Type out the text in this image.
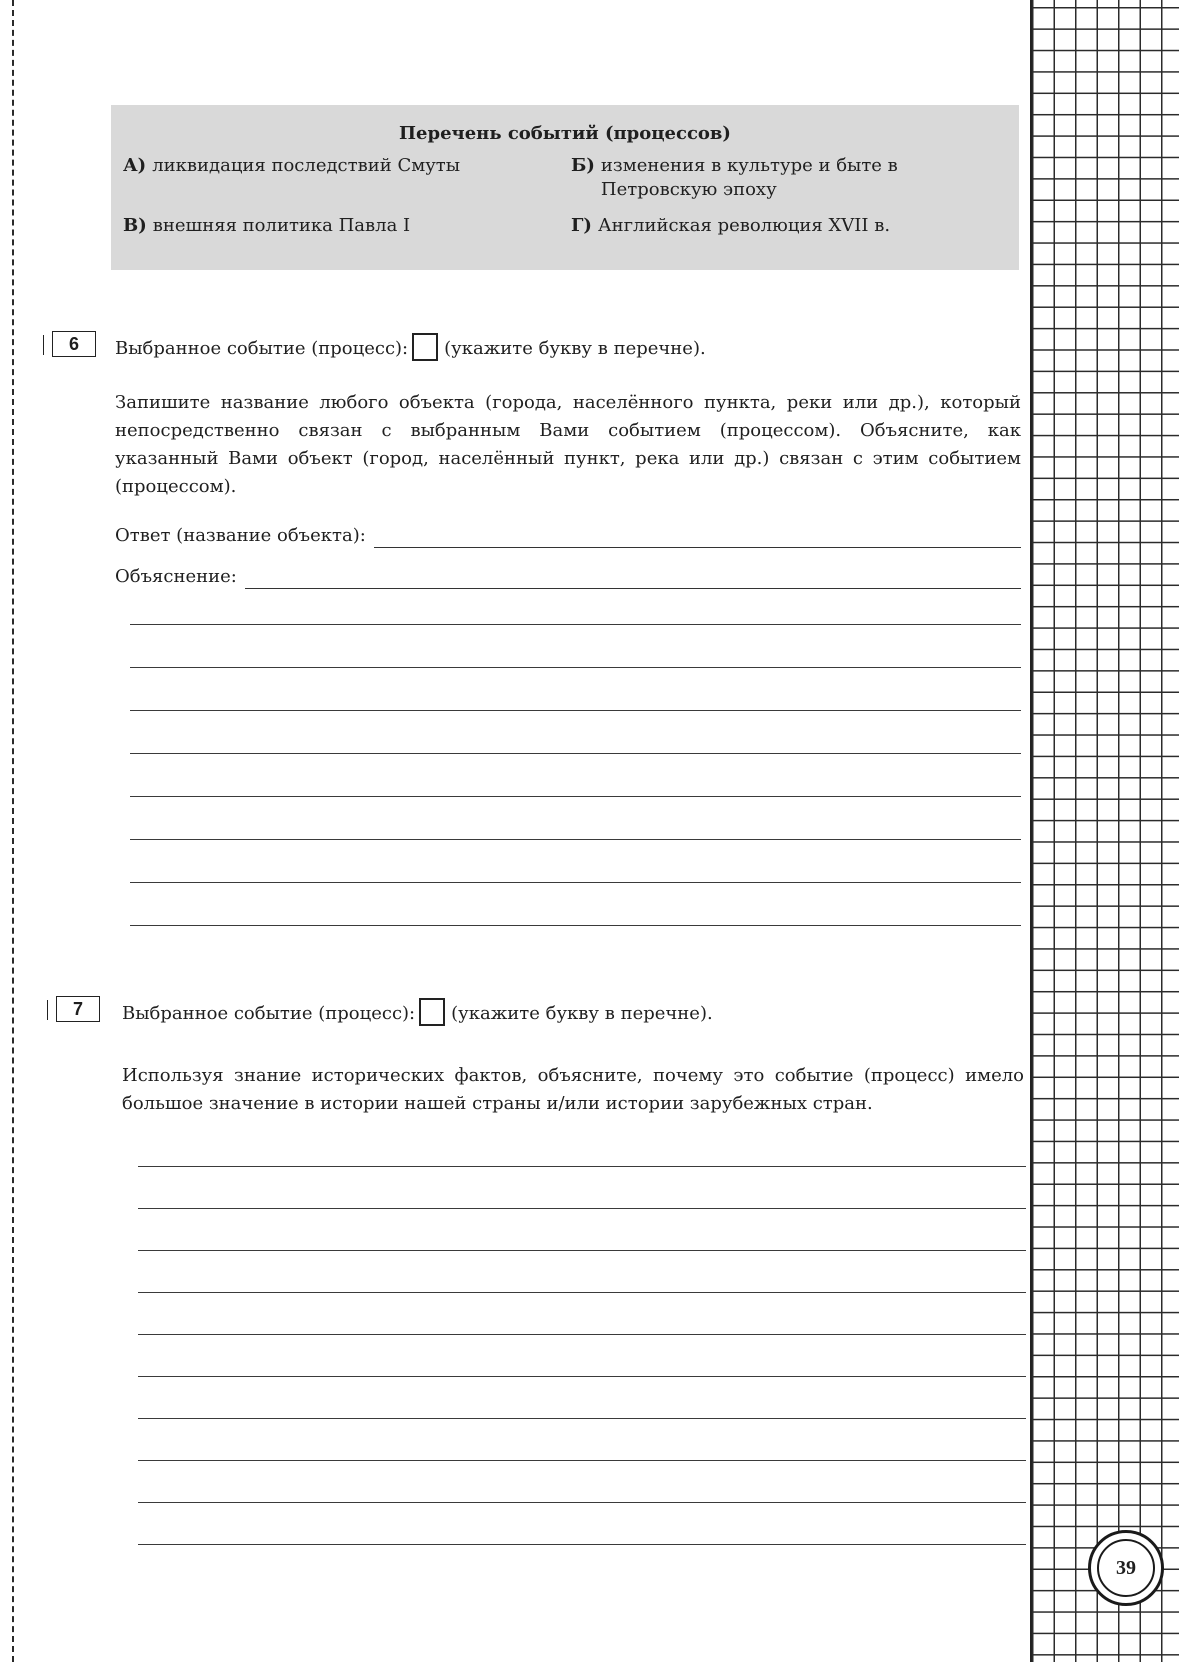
39
Перечень событий (процессов)
А) ликвидация последствий Смуты	Б) изменения в культуре и быте в Петровскую эпоху
В) внешняя политика Павла I	Г) Английская революция XVII в.
6	Выбранное событие (процесс): (укажите букву в перечне).
Запишите название любого объекта (города, населённого пункта, реки или др.), который непосредственно связан с выбранным Вами событием (процессом). Объясните, как указанный Вами объект (город, населённый пункт, река или др.) связан с этим событием (процессом).
Ответ (название объекта):
Объяснение:
7	Выбранное событие (процесс): (укажите букву в перечне).
Используя знание исторических фактов, объясните, почему это событие (процесс) имело большое значение в истории нашей страны и/или истории зарубежных стран.
